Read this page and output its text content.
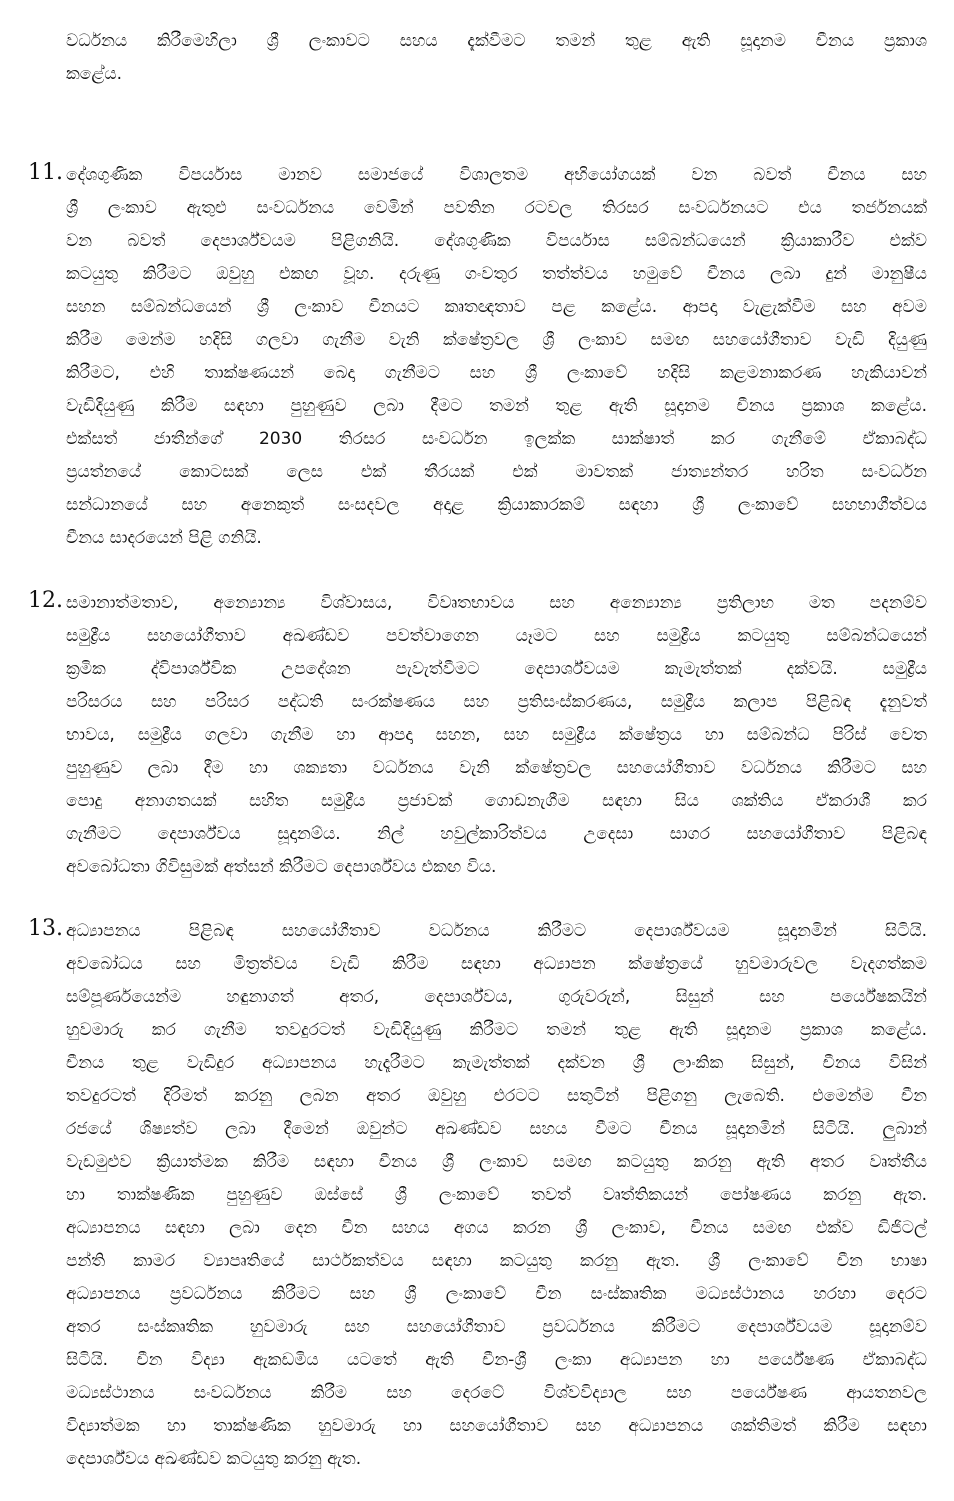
වර්ධනය කිරීමෙහිලා ශ්‍රී ලංකාවට සහය දැක්වීමට තමන් තුළ ඇති සූදානම චීනය ප්‍රකාශ
කළේය.
11. දේශගුණික විපර්යාස මානව සමාජයේ විශාලතම අභියෝගයක් වන බවත් චීනය සහ
ශ්‍රී ලංකාව ඇතුළු සංවර්ධනය වෙමින් පවතින රටවල තිරසර සංවර්ධනයට එය තර්ජනයක්
වන බවත් දෙපාර්ශ්වයම පිළිගනියි. දේශගුණික විපර්යාස සම්බන්ධයෙන් ක්‍රියාකාරීව එක්ව
කටයුතු කිරීමට ඔවුහු එකඟ වූහ. දරුණු ගංවතුර තත්ත්වය හමුවේ චීනය ලබා දුන් මානුෂීය
සහන සම්බන්ධයෙන් ශ්‍රී ලංකාව චීනයට කෘතඥතාව පළ කළේය. ආපදා වැළැක්වීම සහ අවම
කිරීම මෙන්ම හදිසි ගලවා ගැනීම වැනි ක්ෂේත්‍රවල ශ්‍රී ලංකාව සමඟ සහයෝගීතාව වැඩි දියුණු
කිරීමට, එහි තාක්ෂණයන් බෙදා ගැනීමට සහ ශ්‍රී ලංකාවේ හදිසි කළමනාකරණ හැකියාවන්
වැඩිදියුණු කිරීම සඳහා පුහුණුව ලබා දීමට තමන් තුළ ඇති සූදානම චීනය ප්‍රකාශ කළේය.
එක්සත් ජාතීන්ගේ 2030 තිරසර සංවර්ධන ඉලක්ක සාක්ෂාත් කර ගැනීමේ ඒකාබද්ධ
ප්‍රයත්නයේ කොටසක් ලෙස එක් තීරයක් එක් මාවතක් ජාත්‍යන්තර හරිත සංවර්ධන
සන්ධානයේ සහ අනෙකුත් සංසදවල අදාළ ක්‍රියාකාරකම් සඳහා ශ්‍රී ලංකාවේ සහභාගීත්වය
චීනය සාදරයෙන් පිළි ගනියි.
12. සමානාත්මතාව, අන්‍යොන්‍ය විශ්වාසය, විවෘතභාවය සහ අන්‍යොන්‍ය ප්‍රතිලාභ මත පදනම්ව
සමුද්‍රීය සහයෝගීතාව අඛණ්ඩව පවත්වාගෙන යෑමට සහ සමුද්‍රීය කටයුතු සම්බන්ධයෙන්
ක්‍රමික ද්විපාර්ශ්වික උපදේශන පැවැත්වීමට දෙපාර්ශ්වයම කැමැත්තක් දක්වයි. සමුද්‍රීය
පරිසරය සහ පරිසර පද්ධති සංරක්ෂණය සහ ප්‍රතිසංස්කරණය, සමුද්‍රීය කලාප පිළිබඳ දැනුවත්
භාවය, සමුද්‍රීය ගලවා ගැනීම හා ආපදා සහන, සහ සමුද්‍රීය ක්ෂේත්‍රය හා සම්බන්ධ පිරිස් වෙත
පුහුණුව ලබා දීම හා ශක්‍යතා වර්ධනය වැනි ක්ෂේත්‍රවල සහයෝගීතාව වර්ධනය කිරීමට සහ
පොදු අනාගතයක් සහිත සමුද්‍රීය ප්‍රජාවක් ගොඩනැගීම සඳහා සිය ශක්තිය ඒකරාශී කර
ගැනීමට දෙපාර්ශ්වය සූදානම්ය. නිල් හවුල්කාරිත්වය උදෙසා සාගර සහයෝගීතාව පිළිබඳ
අවබෝධතා ගිවිසුමක් අත්සන් කිරීමට දෙපාර්ශ්වය එකඟ විය.
13. අධ්‍යාපනය පිළිබඳ සහයෝගීතාව වර්ධනය කිරීමට දෙපාර්ශ්වයම සූදානමින් සිටියි.
අවබෝධය සහ මිත්‍රත්වය වැඩි කිරීම සඳහා අධ්‍යාපන ක්ෂේත්‍රයේ හුවමාරුවල වැදගත්කම
සම්පූර්ණයෙන්ම හඳුනාගත් අතර, දෙපාර්ශ්වය, ගුරුවරුන්, සිසුන් සහ පර්යේෂකයින්
හුවමාරු කර ගැනීම තවදුරටත් වැඩිදියුණු කිරීමට තමන් තුළ ඇති සූදානම ප්‍රකාශ කළේය.
චීනය තුළ වැඩිදුර අධ්‍යාපනය හැදෑරීමට කැමැත්තක් දක්වන ශ්‍රී ලාංකික සිසුන්, චීනය විසින්
තවදුරටත් දිරිමත් කරනු ලබන අතර ඔවුහු එරටට සතුටින් පිළිගනු ලැබෙති. එමෙන්ම චීන
රජයේ ශිෂ්‍යත්ව ලබා දීමෙන් ඔවුන්ට අඛණ්ඩව සහය වීමට චීනය සූදානමින් සිටියි. ලුබාන්
වැඩමුළුව ක්‍රියාත්මක කිරීම සඳහා චීනය ශ්‍රී ලංකාව සමඟ කටයුතු කරනු ඇති අතර වෘත්තීය
හා තාක්ෂණික පුහුණුව ඔස්සේ ශ්‍රී ලංකාවේ තවත් වෘත්තිකයන් පෝෂණය කරනු ඇත.
අධ්‍යාපනය සඳහා ලබා දෙන චීන සහය අගය කරන ශ්‍රී ලංකාව, චීනය සමඟ එක්ව ඩිජිටල්
පන්ති කාමර ව්‍යාපෘතියේ සාර්ථකත්වය සඳහා කටයුතු කරනු ඇත. ශ්‍රී ලංකාවේ චීන භාෂා
අධ්‍යාපනය ප්‍රවර්ධනය කිරීමට සහ ශ්‍රී ලංකාවේ චීන සංස්කෘතික මධ්‍යස්ථානය හරහා දෙරට
අතර සංස්කෘතික හුවමාරු සහ සහයෝගීතාව ප්‍රවර්ධනය කිරීමට දෙපාර්ශ්වයම සූදානම්ව
සිටියි. චීන විද්‍යා ඇකඩමිය යටතේ ඇති චීන-ශ්‍රී ලංකා අධ්‍යාපන හා පර්යේෂණ ඒකාබද්ධ
මධ්‍යස්ථානය සංවර්ධනය කිරීම සහ දෙරටේ විශ්වවිද්‍යාල සහ පර්යේෂණ ආයතනවල
විද්‍යාත්මක හා තාක්ෂණික හුවමාරු හා සහයෝගීතාව සහ අධ්‍යාපනය ශක්තිමත් කිරීම සඳහා
දෙපාර්ශ්වය අඛණ්ඩව කටයුතු කරනු ඇත.
